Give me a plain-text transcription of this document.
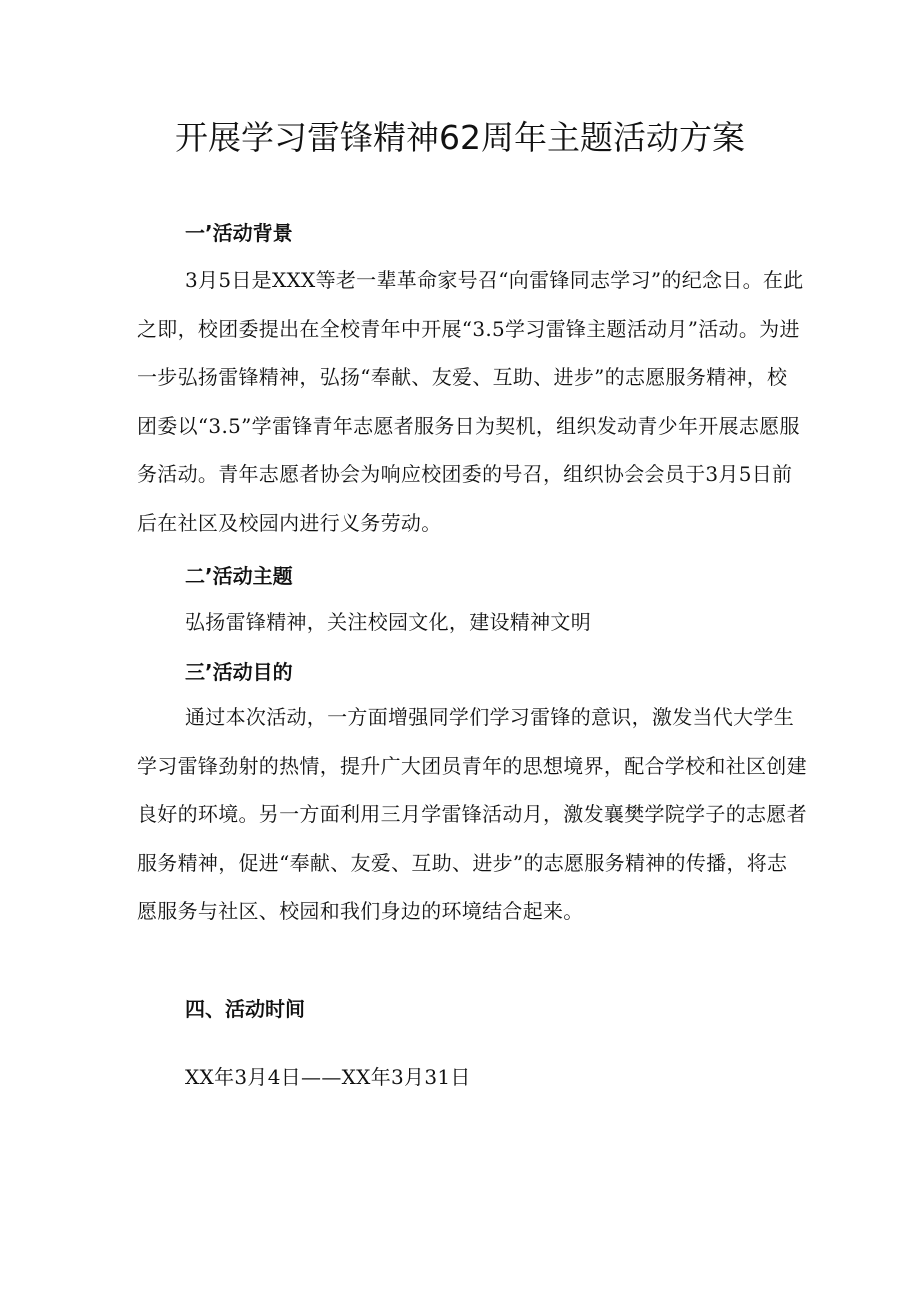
开展学习雷锋精神62周年主题活动方案
一’活动背景

3月5日是XXX等老一辈革命家号召“向雷锋同志学习”的纪念日。在此之即，校团委提出在全校青年中开展“3.5学习雷锋主题活动月”活动。为进一步弘扬雷锋精神，弘扬“奉献、友爱、互助、进步”的志愿服务精神，校团委以“3.5”学雷锋青年志愿者服务日为契机，组织发动青少年开展志愿服务活动。青年志愿者协会为响应校团委的号召，组织协会会员于3月5日前后在社区及校园内进行义务劳动。

二’活动主题

弘扬雷锋精神，关注校园文化，建设精神文明

三’活动目的

通过本次活动，一方面增强同学们学习雷锋的意识，激发当代大学生学习雷锋劲射的热情，提升广大团员青年的思想境界，配合学校和社区创建良好的环境。另一方面利用三月学雷锋活动月，激发襄樊学院学子的志愿者服务精神，促进“奉献、友爱、互助、进步”的志愿服务精神的传播，将志愿服务与社区、校园和我们身边的环境结合起来。

四、活动时间

XX年3月4日——XX年3月31日
